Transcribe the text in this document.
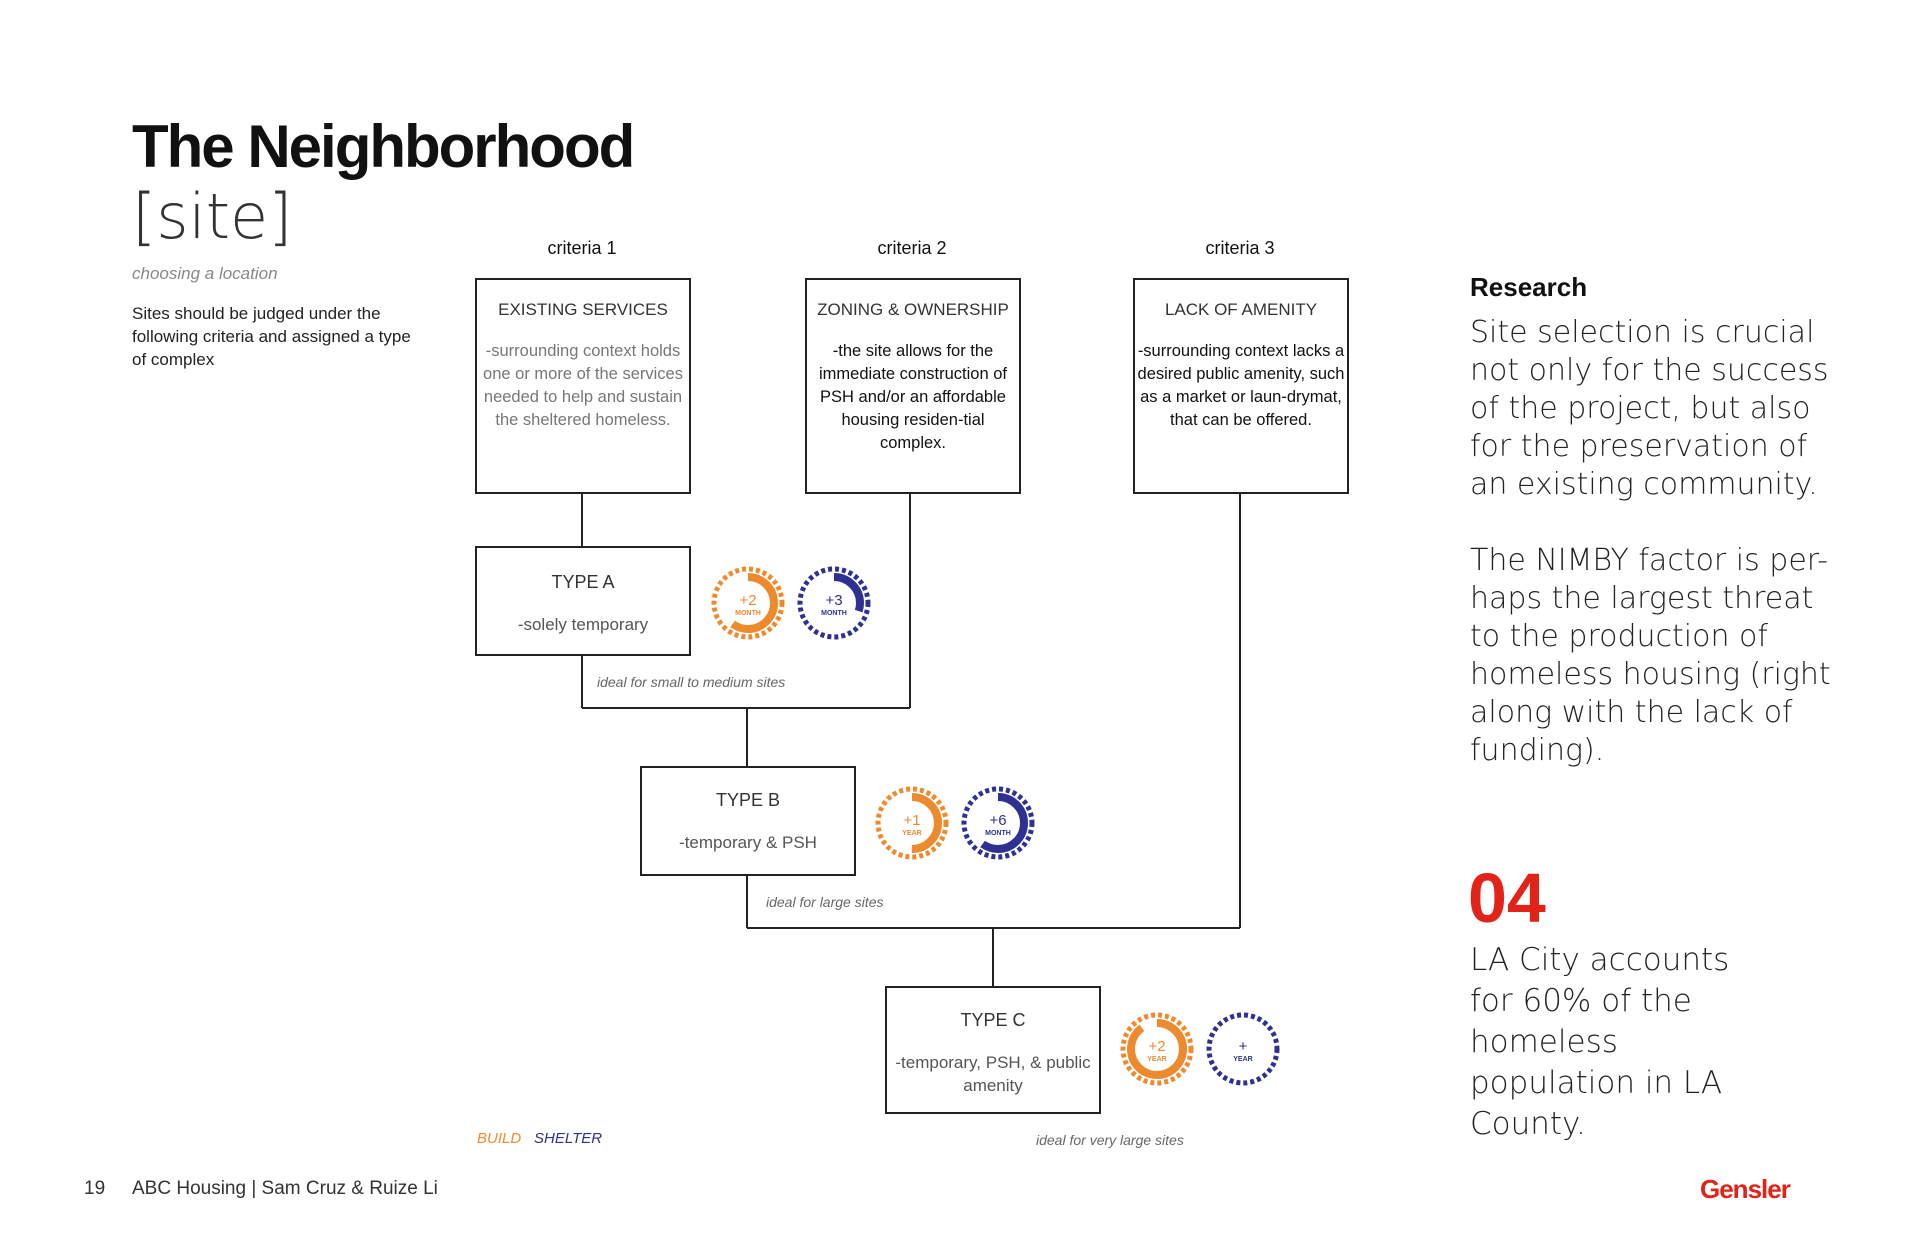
The Neighborhood
[site]
choosing a location
Sites should be judged under the following criteria and assigned a type of complex
criteria 1	criteria 2	criteria 3
EXISTING SERVICES
-surrounding context holds one or more of the services needed to help and sustain the sheltered homeless.
ZONING & OWNERSHIP
-the site allows for the immediate construction of PSH and/or an affordable housing residen-tial complex.
LACK OF AMENITY
-surrounding context lacks a desired public amenity, such as a market or laun-drymat, that can be offered.
TYPE A
-solely temporary
ideal for small to medium sites
TYPE B
-temporary & PSH
ideal for large sites
TYPE C
-temporary, PSH, & public amenity
ideal for very large sites
+2
MONTH
+3
MONTH
+1
YEAR
+6
MONTH
+2
YEAR
+
YEAR
BUILD SHELTER
Research
Site selection is crucial not only for the success of the project, but also for the preservation of an existing community.
The NIMBY factor is per-haps the largest threat to the production of homeless housing (right along with the lack of funding).
04
LA City accounts for 60% of the homeless population in LA County.
19 ABC Housing | Sam Cruz & Ruize Li	Gensler
